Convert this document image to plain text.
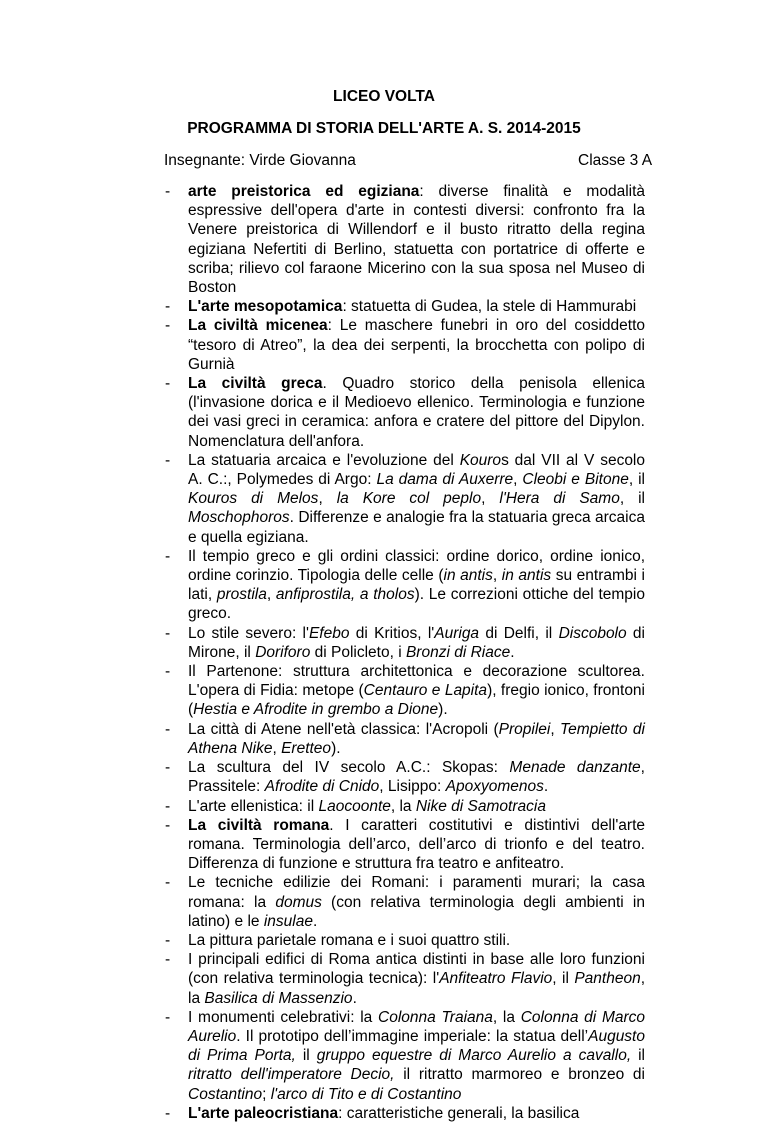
LICEO VOLTA
PROGRAMMA DI STORIA DELL'ARTE A. S. 2014-2015
Insegnante: Virde Giovanna	Classe 3 A
- arte preistorica ed egiziana: diverse finalità e modalità espressive dell'opera d'arte in contesti diversi: confronto fra la Venere preistorica di Willendorf e il busto ritratto della regina egiziana Nefertiti di Berlino, statuetta con portatrice di offerte e scriba; rilievo col faraone Micerino con la sua sposa nel Museo di Boston
- L'arte mesopotamica: statuetta di Gudea, la stele di Hammurabi
- La civiltà micenea: Le maschere funebri in oro del cosiddetto “tesoro di Atreo”, la dea dei serpenti, la brocchetta con polipo di Gurnià
- La civiltà greca. Quadro storico della penisola ellenica (l'invasione dorica e il Medioevo ellenico. Terminologia e funzione dei vasi greci in ceramica: anfora e cratere del pittore del Dipylon. Nomenclatura dell'anfora.
- La statuaria arcaica e l'evoluzione del Kouros dal VII al V secolo A. C.:, Polymedes di Argo: La dama di Auxerre, Cleobi e Bitone, il Kouros di Melos, la Kore col peplo, l'Hera di Samo, il Moschophoros. Differenze e analogie fra la statuaria greca arcaica e quella egiziana.
- Il tempio greco e gli ordini classici: ordine dorico, ordine ionico, ordine corinzio. Tipologia delle celle (in antis, in antis su entrambi i lati, prostila, anfiprostila, a tholos). Le correzioni ottiche del tempio greco.
- Lo stile severo: l'Efebo di Kritios, l'Auriga di Delfi, il Discobolo di Mirone, il Doriforo di Policleto, i Bronzi di Riace.
- Il Partenone: struttura architettonica e decorazione scultorea. L'opera di Fidia: metope (Centauro e Lapita), fregio ionico, frontoni (Hestia e Afrodite in grembo a Dione).
- La città di Atene nell'età classica: l'Acropoli (Propilei, Tempietto di Athena Nike, Eretteo).
- La scultura del IV secolo A.C.: Skopas: Menade danzante, Prassitele: Afrodite di Cnido, Lisippo: Apoxyomenos.
- L'arte ellenistica: il Laocoonte, la Nike di Samotracia
- La civiltà romana. I caratteri costitutivi e distintivi dell'arte romana. Terminologia dell’arco, dell’arco di trionfo e del teatro. Differenza di funzione e struttura fra teatro e anfiteatro.
- Le tecniche edilizie dei Romani: i paramenti murari; la casa romana: la domus (con relativa terminologia degli ambienti in latino) e le insulae.
- La pittura parietale romana e i suoi quattro stili.
- I principali edifici di Roma antica distinti in base alle loro funzioni (con relativa terminologia tecnica): l'Anfiteatro Flavio, il Pantheon, la Basilica di Massenzio.
- I monumenti celebrativi: la Colonna Traiana, la Colonna di Marco Aurelio. Il prototipo dell’immagine imperiale: la statua dell’Augusto di Prima Porta, il gruppo equestre di Marco Aurelio a cavallo, il ritratto dell'imperatore Decio, il ritratto marmoreo e bronzeo di Costantino; l'arco di Tito e di Costantino
- L'arte paleocristiana: caratteristiche generali, la basilica
